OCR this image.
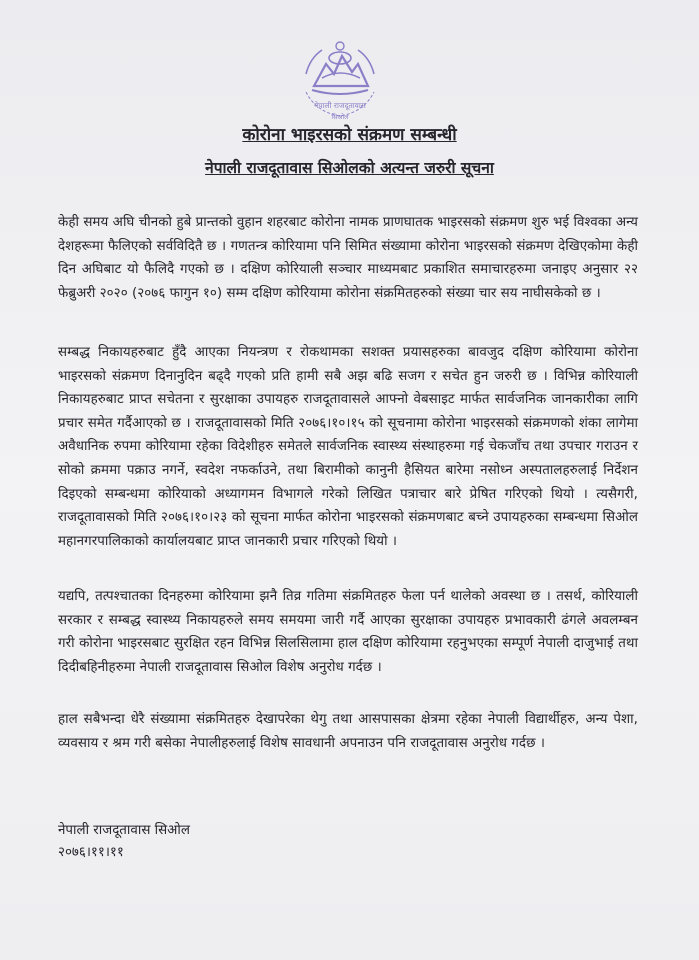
नेपाली राजदूतावास
सिओल
कोरोना भाइरसको संक्रमण सम्बन्धी
नेपाली राजदूतावास सिओलको अत्यन्त जरुरी सूचना

केही समय अघि चीनको हुबे प्रान्तको वुहान शहरबाट कोरोना नामक प्राणघातक भाइरसको संक्रमण शुरु भई विश्वका अन्य देशहरूमा फैलिएको सर्वविदितै छ । गणतन्त्र कोरियामा पनि सिमित संख्यामा कोरोना भाइरसको संक्रमण देखिएकोमा केही दिन अघिबाट यो फैलिदै गएको छ । दक्षिण कोरियाली सञ्चार माध्यमबाट प्रकाशित समाचारहरुमा जनाइए अनुसार २२ फेब्रुअरी २०२० (२०७६ फागुन १०) सम्म दक्षिण कोरियामा कोरोना संक्रमितहरुको संख्या चार सय नाघीसकेको छ ।

सम्बद्ध निकायहरुबाट हुँदै आएका नियन्त्रण र रोकथामका सशक्त प्रयासहरुका बावजुद दक्षिण कोरियामा कोरोना भाइरसको संक्रमण दिनानुदिन बढ्दै गएको प्रति हामी सबै अझ बढि सजग र सचेत हुन जरुरी छ । विभिन्न कोरियाली निकायहरुबाट प्राप्त सचेतना र सुरक्षाका उपायहरु राजदूतावासले आफ्नो वेबसाइट मार्फत सार्वजनिक जानकारीका लागि प्रचार समेत गर्दैआएको छ । राजदूतावासको मिति २०७६।१०।१५ को सूचनामा कोरोना भाइरसको संक्रमणको शंका लागेमा अवैधानिक रुपमा कोरियामा रहेका विदेशीहरु समेतले सार्वजनिक स्वास्थ्य संस्थाहरुमा गई चेकजाँच तथा उपचार गराउन र सोको क्रममा पक्राउ नगर्ने, स्वदेश नफर्काउने, तथा बिरामीको कानुनी हैसियत बारेमा नसोध्न अस्पतालहरुलाई निर्देशन दिइएको सम्बन्धमा कोरियाको अध्यागमन विभागले गरेको लिखित पत्राचार बारे प्रेषित गरिएको थियो । त्यसैगरी, राजदूतावासको मिति २०७६।१०।२३ को सूचना मार्फत कोरोना भाइरसको संक्रमणबाट बच्ने उपायहरुका सम्बन्धमा सिओल महानगरपालिकाको कार्यालयबाट प्राप्त जानकारी प्रचार गरिएको थियो ।

यद्यपि, तत्पश्चातका दिनहरुमा कोरियामा झनै तिव्र गतिमा संक्रमितहरु फेला पर्न थालेको अवस्था छ । तसर्थ, कोरियाली सरकार र सम्बद्ध स्वास्थ्य निकायहरुले समय समयमा जारी गर्दै आएका सुरक्षाका उपायहरु प्रभावकारी ढंगले अवलम्बन गरी कोरोना भाइरसबाट सुरक्षित रहन विभिन्न सिलसिलामा हाल दक्षिण कोरियामा रहनुभएका सम्पूर्ण नेपाली दाजुभाई तथा दिदीबहिनीहरुमा नेपाली राजदूतावास सिओल विशेष अनुरोध गर्दछ ।

हाल सबैभन्दा धेरै संख्यामा संक्रमितहरु देखापरेका थेगु तथा आसपासका क्षेत्रमा रहेका नेपाली विद्यार्थीहरु, अन्य पेशा, व्यवसाय र श्रम गरी बसेका नेपालीहरुलाई विशेष सावधानी अपनाउन पनि राजदूतावास अनुरोध गर्दछ ।

नेपाली राजदूतावास सिओल
२०७६।११।११
